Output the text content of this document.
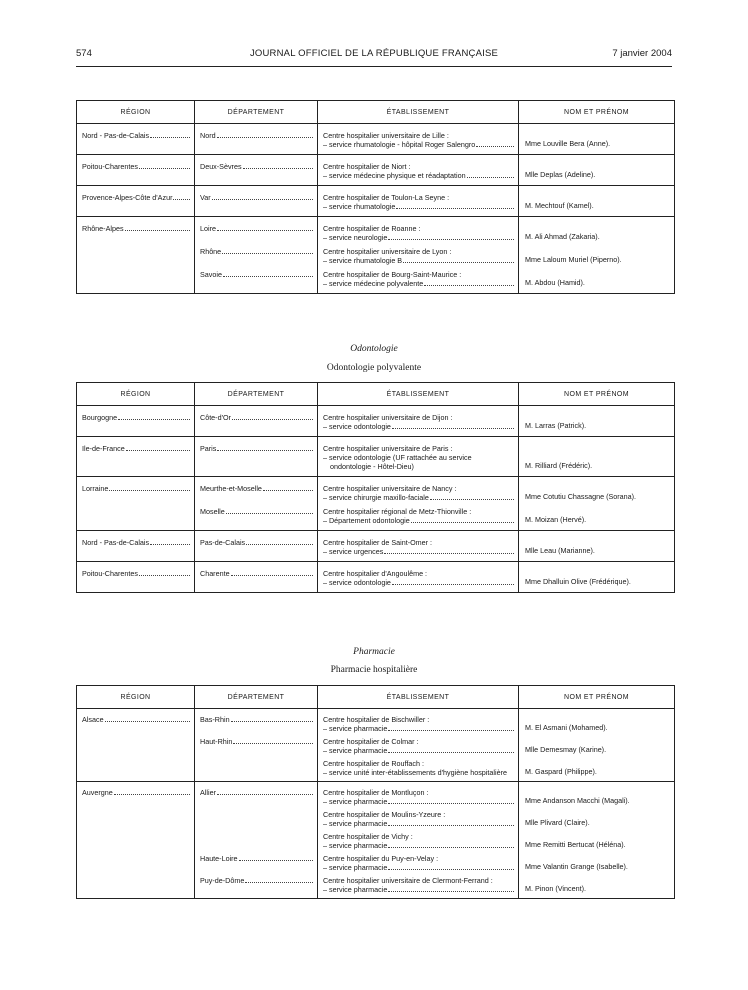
574	JOURNAL OFFICIEL DE LA RÉPUBLIQUE FRANÇAISE	7 janvier 2004
RÉGION	DÉPARTEMENT	ÉTABLISSEMENT	NOM ET PRÉNOM

Nord - Pas-de-Calais	Nord	Centre hospitalier universitaire de Lille :
– service rhumatologie - hôpital Roger Salengro	Mme Louville Bera (Anne).

Poitou-Charentes	Deux-Sèvres	Centre hospitalier de Niort :
– service médecine physique et réadaptation	Mlle Deplas (Adeline).

Provence-Alpes-Côte d'Azur	Var	Centre hospitalier de Toulon-La Seyne :
– service rhumatologie	M. Mechtouf (Kamel).

Rhône-Alpes	Loire	Centre hospitalier de Roanne :
– service neurologie	M. Ali Ahmad (Zakaria).

	Rhône	Centre hospitalier universitaire de Lyon :
– service rhumatologie B	Mme Laloum Muriel (Piperno).

	Savoie	Centre hospitalier de Bourg-Saint-Maurice :
– service médecine polyvalente	M. Abdou (Hamid).
Odontologie
Odontologie polyvalente
RÉGION	DÉPARTEMENT	ÉTABLISSEMENT	NOM ET PRÉNOM

Bourgogne	Côte-d'Or	Centre hospitalier universitaire de Dijon :
– service odontologie	M. Larras (Patrick).

Ile-de-France	Paris	Centre hospitalier universitaire de Paris :
– service odontologie (UF rattachée au service ondontologie - Hôtel-Dieu)	M. Rilliard (Frédéric).

Lorraine	Meurthe-et-Moselle	Centre hospitalier universitaire de Nancy :
– service chirurgie maxillo-faciale	Mme Cotutiu Chassagne (Sorana).

	Moselle	Centre hospitalier régional de Metz-Thionville :
– Département odontologie	M. Moizan (Hervé).

Nord - Pas-de-Calais	Pas-de-Calais	Centre hospitalier de Saint-Omer :
– service urgences	Mlle Leau (Marianne).

Poitou-Charentes	Charente	Centre hospitalier d'Angoulême :
– service odontologie	Mme Dhalluin Olive (Frédérique).
Pharmacie
Pharmacie hospitalière
RÉGION	DÉPARTEMENT	ÉTABLISSEMENT	NOM ET PRÉNOM

Alsace	Bas-Rhin	Centre hospitalier de Bischwiller :
– service pharmacie	M. El Asmani (Mohamed).

	Haut-Rhin	Centre hospitalier de Colmar :
– service pharmacie	Mlle Demesmay (Karine).

		Centre hospitalier de Rouffach :
– service unité inter-établissements d'hygiène hospitalière	M. Gaspard (Philippe).

Auvergne	Allier	Centre hospitalier de Montluçon :
– service pharmacie	Mme Andanson Macchi (Magali).

		Centre hospitalier de Moulins-Yzeure :
– service pharmacie	Mlle Plivard (Claire).

		Centre hospitalier de Vichy :
– service pharmacie	Mme Remitti Bertucat (Héléna).

	Haute-Loire	Centre hospitalier du Puy-en-Velay :
– service pharmacie	Mme Valantin Grange (Isabelle).

	Puy-de-Dôme	Centre hospitalier universitaire de Clermont-Ferrand :
– service pharmacie	M. Pinon (Vincent).
